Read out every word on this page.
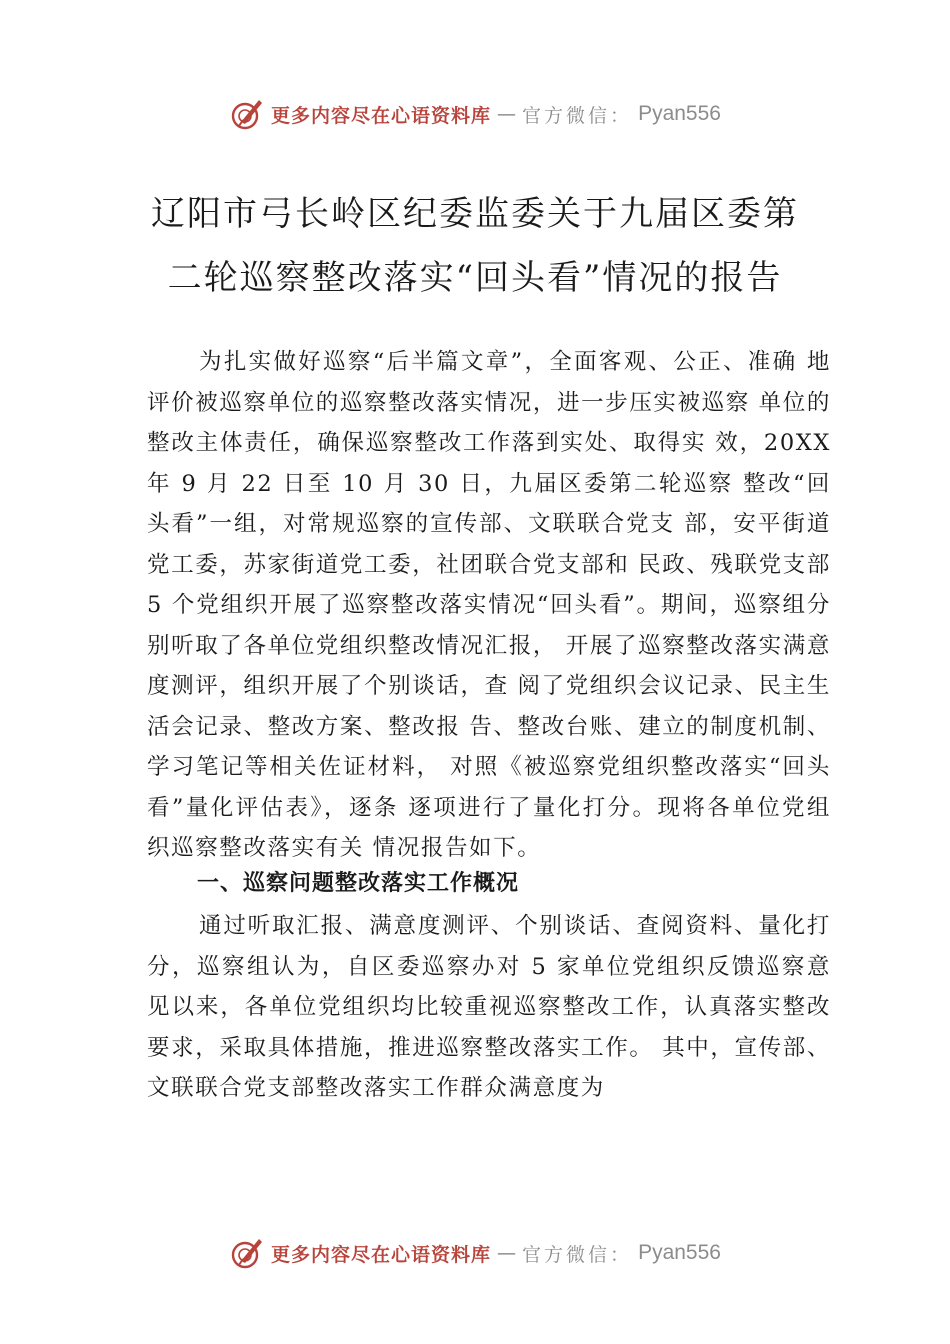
更多内容尽在心语资料库 — 官方微信： Pyan556
辽阳市弓长岭区纪委监委关于九届区委第
二轮巡察整改落实“回头看”情况的报告

为扎实做好巡察“后半篇文章”，全面客观、公正、准确 地评价被巡察单位的巡察整改落实情况，进一步压实被巡察 单位的整改主体责任，确保巡察整改工作落到实处、取得实 效，20XX年 9 月 22 日至 10 月 30 日，九届区委第二轮巡察 整改“回头看”一组，对常规巡察的宣传部、文联联合党支 部，安平街道党工委，苏家街道党工委，社团联合党支部和 民政、残联党支部 5 个党组织开展了巡察整改落实情况“回头看”。期间，巡察组分别听取了各单位党组织整改情况汇报， 开展了巡察整改落实满意度测评，组织开展了个别谈话，查 阅了党组织会议记录、民主生活会记录、整改方案、整改报 告、整改台账、建立的制度机制、学习笔记等相关佐证材料， 对照《被巡察党组织整改落实“回头看”量化评估表》，逐条 逐项进行了量化打分。现将各单位党组织巡察整改落实有关 情况报告如下。

一、巡察问题整改落实工作概况

通过听取汇报、满意度测评、个别谈话、查阅资料、量化打分，巡察组认为，自区委巡察办对 5 家单位党组织反馈巡察意见以来，各单位党组织均比较重视巡察整改工作，认真落实整改要求，采取具体措施，推进巡察整改落实工作。 其中，宣传部、文联联合党支部整改落实工作群众满意度为

更多内容尽在心语资料库 — 官方微信： Pyan556
